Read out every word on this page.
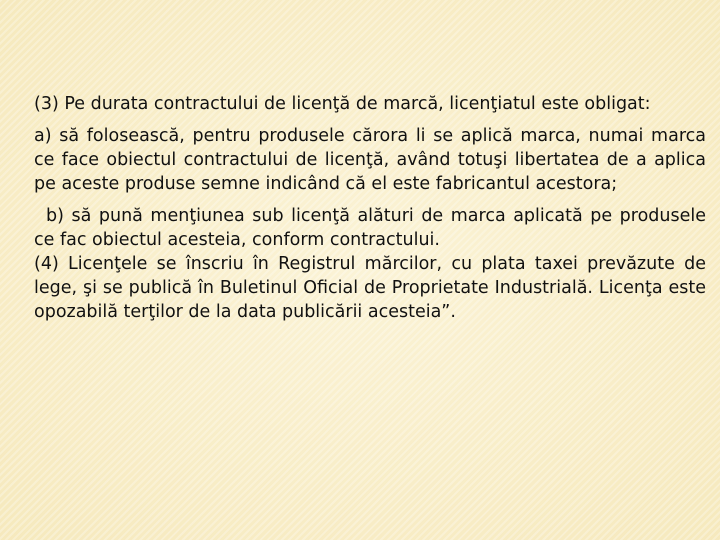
(3) Pe durata contractului de licenţă de marcă, licenţiatul este obligat:

a) să folosească, pentru produsele cărora li se aplică marca, numai marca ce face obiectul contractului de licenţă, având totuşi libertatea de a aplica pe aceste produse semne indicând că el este fabricantul acestora;

b) să pună menţiunea sub licenţă alături de marca aplicată pe produsele ce fac obiectul acesteia, conform contractului.

(4) Licenţele se înscriu în Registrul mărcilor, cu plata taxei prevăzute de lege, şi se publică în Buletinul Oficial de Proprietate Industrială. Licenţa este opozabilă terţilor de la data publicării acesteia”.
